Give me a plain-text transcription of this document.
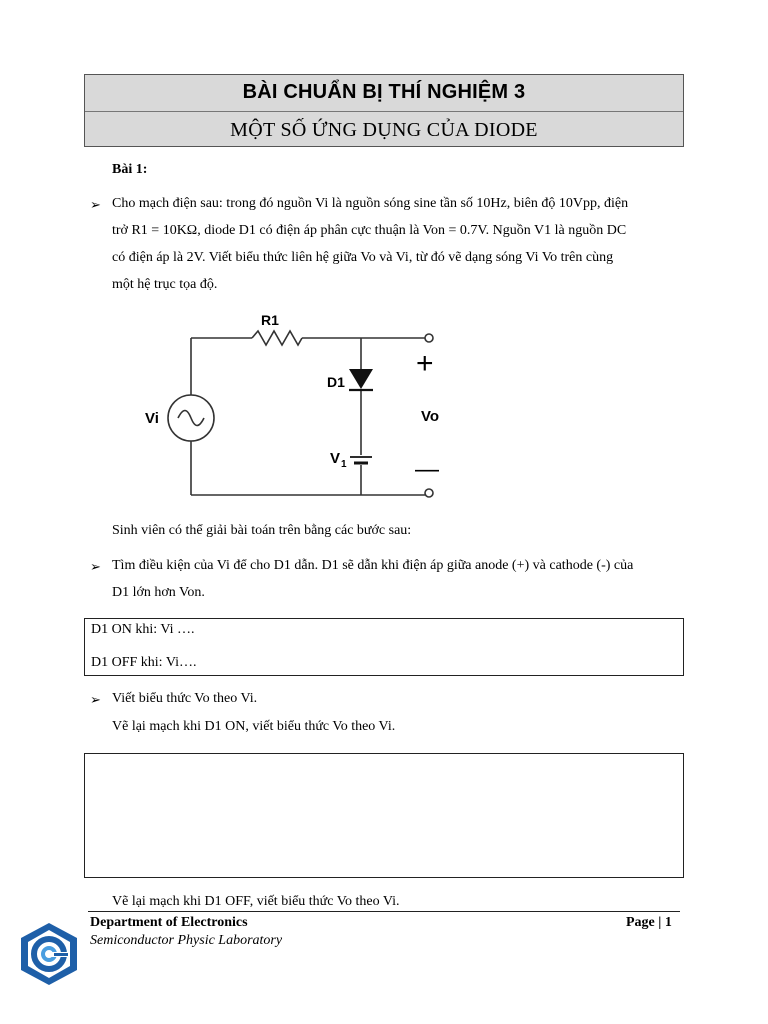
BÀI CHUẨN BỊ THÍ NGHIỆM 3
MỘT SỐ ỨNG DỤNG CỦA DIODE
Bài 1:
➢ Cho mạch điện sau: trong đó nguồn Vi là nguồn sóng sine tần số 10Hz, biên độ 10Vpp, điện
trở R1 = 10KΩ, diode D1 có điện áp phân cực thuận là Von = 0.7V. Nguồn V1 là nguồn DC
có điện áp là 2V. Viết biểu thức liên hệ giữa Vo và Vi, từ đó vẽ dạng sóng Vi Vo trên cùng
một hệ trục tọa độ.
R1
D1
Vi	Vo
V 1
+
—
Sinh viên có thể giải bài toán trên bằng các bước sau:
➢ Tìm điều kiện của Vi để cho D1 dẫn. D1 sẽ dẫn khi điện áp giữa anode (+) và cathode (-) của
D1 lớn hơn Von.
D1 ON khi: Vi ….
D1 OFF khi: Vi….
➢ Viết biểu thức Vo theo Vi.
Vẽ lại mạch khi D1 ON, viết biểu thức Vo theo Vi.
Vẽ lại mạch khi D1 OFF, viết biểu thức Vo theo Vi.
Department of Electronics
Semiconductor Physic Laboratory
Page | 1
